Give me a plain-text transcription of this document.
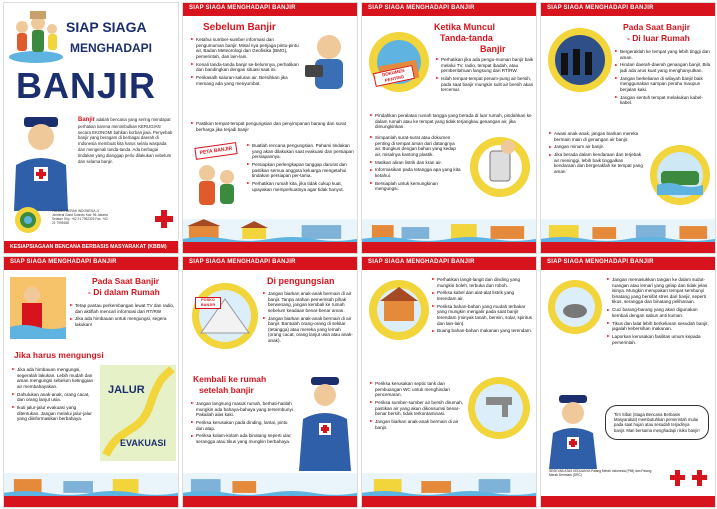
SIAP SIAGA
MENGHADAPI
BANJIR
Banjir adalah bencana yang sering mendapat perhatian karena menimbulkan KERUGIAN secara EKONOMI bahkan korban jiwa. Penyebab banjir yang beragam di berbagai daerah di Indonesia membuat kita harus selalu waspada dan mengenali tanda-tanda. Ada berbagai tindakan yang dianggap perlu dilakukan sebelum dan selama banjir.
PALANG MERAH INDONESIA Jl. Jenderal Gatot Subroto Kav. 96 Jakarta Selatan Telp. +62 21 7992325 Fax. +62 21 7995188
KESIAPSIAGAAN BENCANA BERBASIS MASYARAKAT (KBBM)
SIAP SIAGA MENGHADAPI BANJIR
Sebelum Banjir

Ketahui sumber-sumber informasi dan pengumuman banjir. Misal nya penjaga pintu-pintu air, Badan Meteorologi dan Geofisika (BMG), pemerintah, dan lain-lain.

Kenali tanda-tanda banjir se-belumnya, perhatikan dan bandingkan dengan situasi saat ini.

Perikasalh saluran-saluran air. Bersihkan jika memang ada yang menyumbat.

Pastikan tempat-tempat pengungsian dan penyimpanan barang dan surat berharga jika terjadi banjir

PETA BANJIR

Buatlah rencana pengungsian. Pahami tindakan yang akan dilakukan saat evakuasi dan persiapan persiapannya.

Persiapkan perlengkapan tanggap darurat dan pastikan semua anggota keluarga mengetahui tindakan persiapan per-tama.

Perhatikan rumah kita, jika tidak cukup kuat, upayakan memperkuatnya agar tidak hanyut.

SIAP SIAGA MENGHADAPI BANJIR
Ketika Muncul
Tanda-tanda
Banjir
DOKUMEN PENTING

Perhatikan jika ada pengu-muman banjir baik melalui TV, radio, tempat ibadah, atau pemberitahuan langsung dari RT/RW.

Isilah tempat-tempat penam-pung air bersih, pada saat banjir mungkin sulit air bersih akan tercemar.

Pindahkan peralatan rumah tangga yang berada di luar rumah, pindahkan ke dalam rumah atau ke tempat yang tidak terjangkau genangan air, jika dimungkinkan.

Simpanlah surat-surat atau dokumen penting di tempat aman dari datangnya air. Bungkus dengan bahan yang kedap air, misalnya kantong plastik.

Matikan aliran listrik dan kran air.

Informasikan pada tetangga apa yang kita ketahui.

Bersiaplah untuk kemungkinan mengungsi.

SIAP SIAGA MENGHADAPI BANJIR
Pada Saat Banjir
- Di luar Rumah

Bergeraklah ke tempat yang lebih tinggi dan aman.

Hindari daerah-daerah genangan banjir. Bila jadi ada arus kuat yang menghanyutkan.

Jangan berkeliaran di wilayah banjir baik menggunakan sampan perahu maupun berjalan kaki.

Jangan sentuh tempat melakukan kabel-kabel.

Awasi anak-anak, jangan biarkan mereka bermain main di genangan air banjir.

Jangan minum air banjir.

Jika berada dalam kendaraan dan terjebak air meninggi, lebih baik tinggalkan kendaraan dan bergeraklah ke tempat yang aman

SIAP SIAGA MENGHADAPI BANJIR
Pada Saat Banjir
- Di dalam Rumah

Tetap pantau perkembangan lewat TV dan radio, dan aktiflah mencari informasi dari RT/RW

Jika ada himbauan untuk mengungsi, segera lakukan!

Jika harus mengungsi

Jika ada himbauan mengungsi, segeralah lakukan. Lebih mudah dan aman mengungsi sebelum ketinggian air membahayakan.

Dahulukan anak-anak, orang cacat, dan orang lanjut usia.

Ikuti jalur-jalur evakuasi yang ditentukan. Jangan melalui jalur-jalur yang diinformasikan berbahaya.

JALUR
EVAKUASI
SIAP SIAGA MENGHADAPI BANJIR
Di pengungsian
POSKO BANJIR

Jangan biarkan anak-anak bermain di air banjir. Tanpa arahan pemerintah pihak berwenang, jangan kembali ke rumah sebelum keadaan benar-benar aman.

Jangan biarkan anak-anak bermain di air banjir. Bantulah orang-orang di sekitar (tetangga) atau mereka yang lemah (orang cacat, orang lanjut usia atau anak-anak).

Kembali ke rumah
setelah banjir

Jangan langsung masuk rumah, berhati-hatilah mungkin ada bahaya-bahaya yang tersembunyi. Pakailah alas kaki.

Periksa kerusakan pada dinding, lantai, pintu dan atap.

Periksa kolam-kolam ada binatang seperti ular, serangga atau tikus yang mungkin berbahaya.

SIAP SIAGA MENGHADAPI BANJIR

Perhatikan langit-langit dan dinding yang mungkin boleh, terbuka dan roboh.

Periksa kabel dan alat-alat listrik yang terendam air.

Periksa bahan-bahan yang mudah terbakar yang mungkin mengalir pada saat banjir terendam (minyak tanah, bensin, solar, spiritus dan lain-lain).

Buang bahan-bahan makanan yang terendam.

Periksa kerusakan septic tank dan pembuangan WC untuk menghindari pencemaran.

Periksa sumber-sumber air bersih dirumah, pastikan air yang akan dikonsumsi benar-benar bersih, tidak terkontaminasi.

Jangan biarkan anak-anak bermain di air banjir.

SIAP SIAGA MENGHADAPI BANJIR

Jangan memasukkan tangan ke dalam sudut-ruangan atau lemari yang gelap dan tidak jelas isinya. Mungkin merupakan tempat sembunyi binatang yang bersifat stres dari banjir, seperti tikus, serangga dan binatang peliharaan.

Cuci barang-barang yang akan digunakan kembali dengan sabun anti kuman.

Tikus dan lalat lebih berkeliaran sesudah banjir, jagalah kebersihan makanan.

Laporkan kerusakan fasilitas umum kepada pemerintah.

Tim Sibat (Siaga Bencana Berbasis Masyarakat) membutuhkan pemerintah mulai pada saat hujan atau sesudah terjadinya banjir. Mari bersama menghadapi risiko banjir!
SESEYAB ATAS KEDUANYA Palang Merah Indonesia (PMI) dan Palang Merah Denmark (DRC)
